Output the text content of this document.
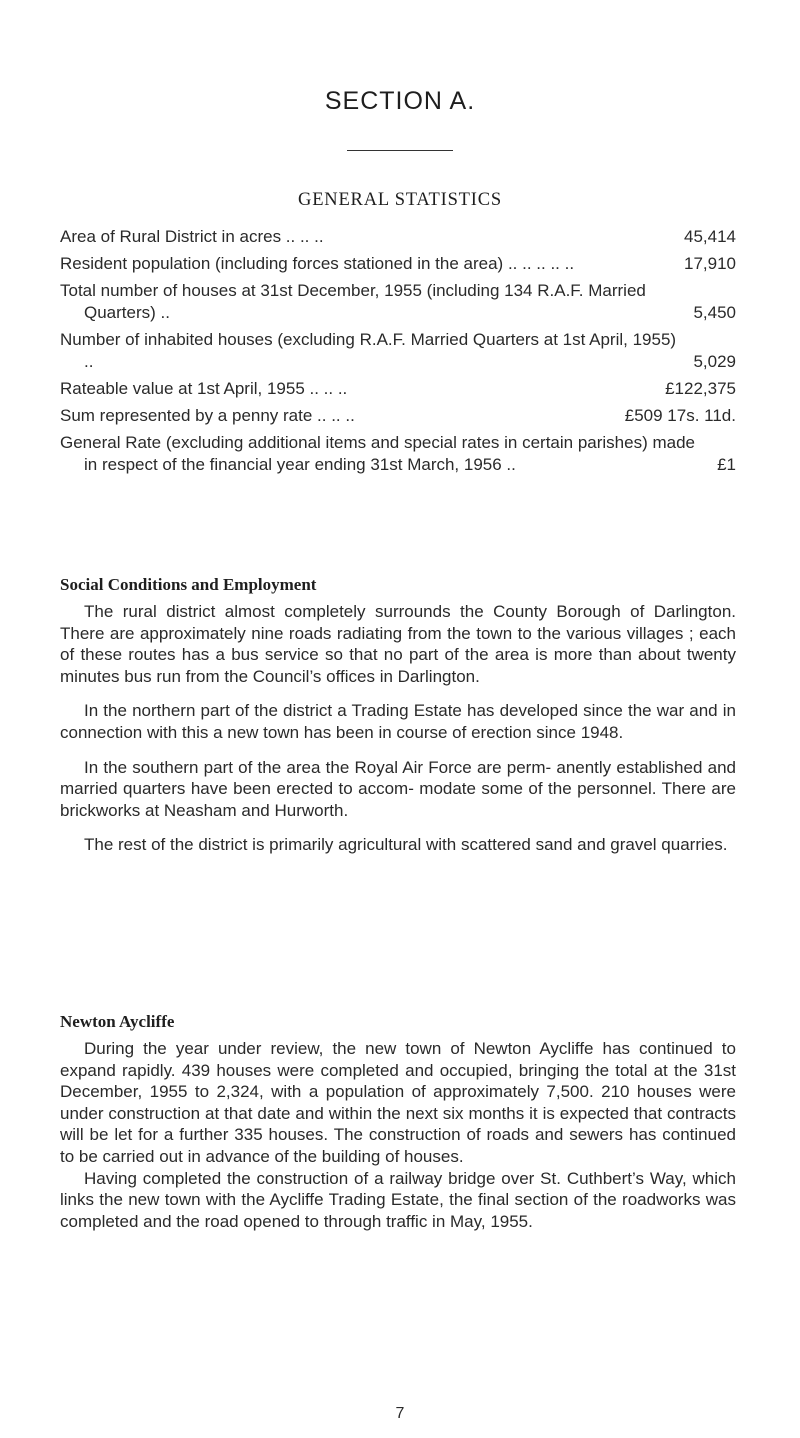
SECTION A.
GENERAL STATISTICS
Area of Rural District in acres .. .. ..	45,414
Resident population (including forces stationed in the area) .. .. .. .. ..	17,910
Total number of houses at 31st December, 1955 (including 134 R.A.F. Married Quarters) ..	5,450
Number of inhabited houses (excluding R.A.F. Married Quarters at 1st April, 1955) ..	5,029
Rateable value at 1st April, 1955 .. .. ..	£122,375
Sum represented by a penny rate .. .. ..	£509 17s. 11d.
General Rate (excluding additional items and special rates in certain parishes) made in respect of the financial year ending 31st March, 1956 ..	£1
Social Conditions and Employment

The rural district almost completely surrounds the County Borough of Darlington. There are approximately nine roads radiating from the town to the various villages ; each of these routes has a bus service so that no part of the area is more than about twenty minutes bus run from the Council’s offices in Darlington.

In the northern part of the district a Trading Estate has developed since the war and in connection with this a new town has been in course of erection since 1948.

In the southern part of the area the Royal Air Force are perm- anently established and married quarters have been erected to accom- modate some of the personnel. There are brickworks at Neasham and Hurworth.

The rest of the district is primarily agricultural with scattered sand and gravel quarries.

Newton Aycliffe

During the year under review, the new town of Newton Aycliffe has continued to expand rapidly. 439 houses were completed and occupied, bringing the total at the 31st December, 1955 to 2,324, with a population of approximately 7,500. 210 houses were under construction at that date and within the next six months it is expected that contracts will be let for a further 335 houses. The construction of roads and sewers has continued to be carried out in advance of the building of houses.

Having completed the construction of a railway bridge over St. Cuthbert’s Way, which links the new town with the Aycliffe Trading Estate, the final section of the roadworks was completed and the road opened to through traffic in May, 1955.

7
